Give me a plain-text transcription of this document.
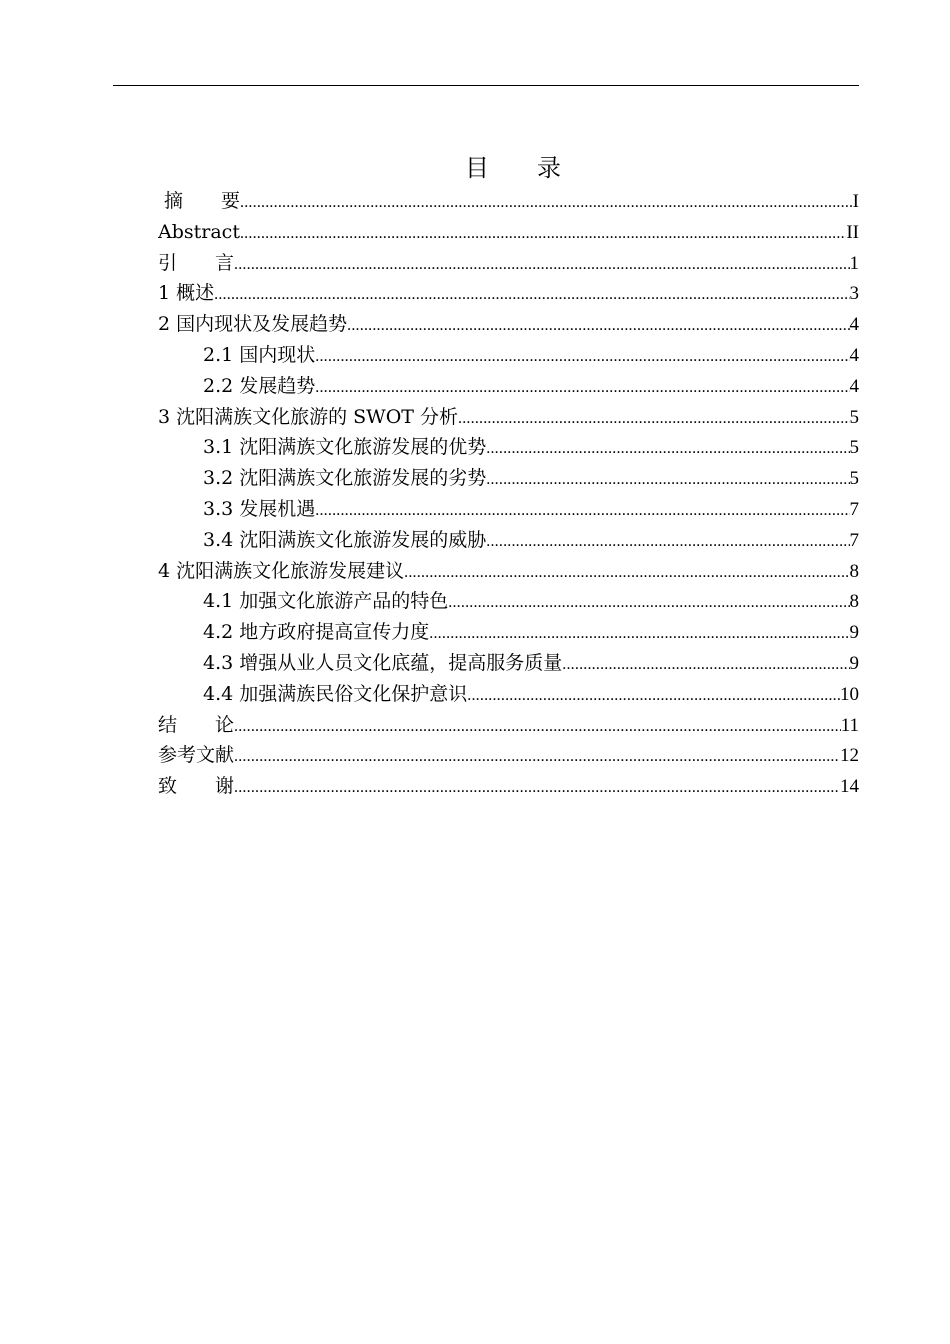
目　　录
摘　　要 .....	I
Abstract .....	II
引　　言 .....	1
1 概述 .....	3
2 国内现状及发展趋势 .....	4
2.1 国内现状 .....	4
2.2 发展趋势 .....	4
3 沈阳满族文化旅游的 SWOT 分析 .....	5
3.1 沈阳满族文化旅游发展的优势 .....	5
3.2 沈阳满族文化旅游发展的劣势 .....	5
3.3 发展机遇 .....	7
3.4 沈阳满族文化旅游发展的威胁 .....	7
4 沈阳满族文化旅游发展建议 .....	8
4.1 加强文化旅游产品的特色 .....	8
4.2 地方政府提高宣传力度 .....	9
4.3 增强从业人员文化底蕴，提高服务质量 .....	9
4.4 加强满族民俗文化保护意识 .....	10
结　　论 .....	11
参考文献 .....	12
致　　谢 .....	14
